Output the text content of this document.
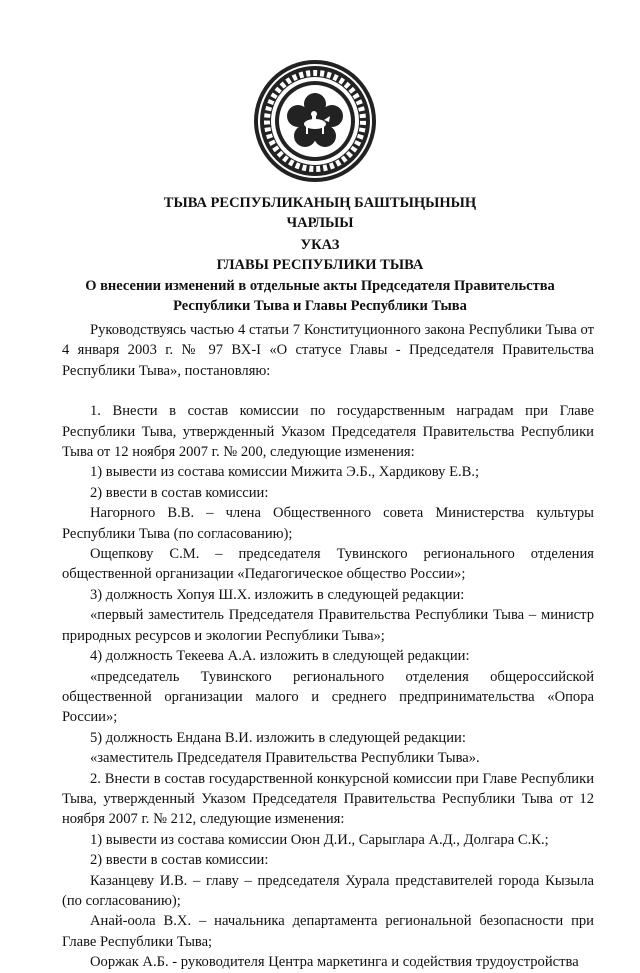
ТЫВА РЕСПУБЛИКАНЫҢ БАШТЫҢЫНЫҢ
ЧАРЛЫЫ
УКАЗ
ГЛАВЫ РЕСПУБЛИКИ ТЫВА
О внесении изменений в отдельные акты Председателя Правительства
Республики Тыва и Главы Республики Тыва

Руководствуясь частью 4 статьи 7 Конституционного закона Республики Тыва от 4 января 2003 г. № 97 ВХ-I «О статусе Главы - Председателя Правительства Республики Тыва», постановляю:

1. Внести в состав комиссии по государственным наградам при Главе Республики Тыва, утвержденный Указом Председателя Правительства Республики Тыва от 12 ноября 2007 г. № 200, следующие изменения:

1) вывести из состава комиссии Мижита Э.Б., Хардикову Е.В.;

2) ввести в состав комиссии:

Нагорного В.В. – члена Общественного совета Министерства культуры Республики Тыва (по согласованию);

Ощепкову С.М. – председателя Тувинского регионального отделения общественной организации «Педагогическое общество России»;

3) должность Хопуя Ш.Х. изложить в следующей редакции:

«первый заместитель Председателя Правительства Республики Тыва – министр природных ресурсов и экологии Республики Тыва»;

4) должность Текеева А.А. изложить в следующей редакции:

«председатель Тувинского регионального отделения общероссийской общественной организации малого и среднего предпринимательства «Опора России»;

5) должность Ендана В.И. изложить в следующей редакции:

«заместитель Председателя Правительства Республики Тыва».

2. Внести в состав государственной конкурсной комиссии при Главе Республики Тыва, утвержденный Указом Председателя Правительства Республики Тыва от 12 ноября 2007 г. № 212, следующие изменения:

1) вывести из состава комиссии Оюн Д.И., Сарыглара А.Д., Долгара С.К.;

2) ввести в состав комиссии:

Казанцеву И.В. – главу – председателя Хурала представителей города Кызыла (по согласованию);

Анай-оола В.Х. – начальника департамента региональной безопасности при Главе Республики Тыва;

Ооржак А.Б. - руководителя Центра маркетинга и содействия трудоустройства
